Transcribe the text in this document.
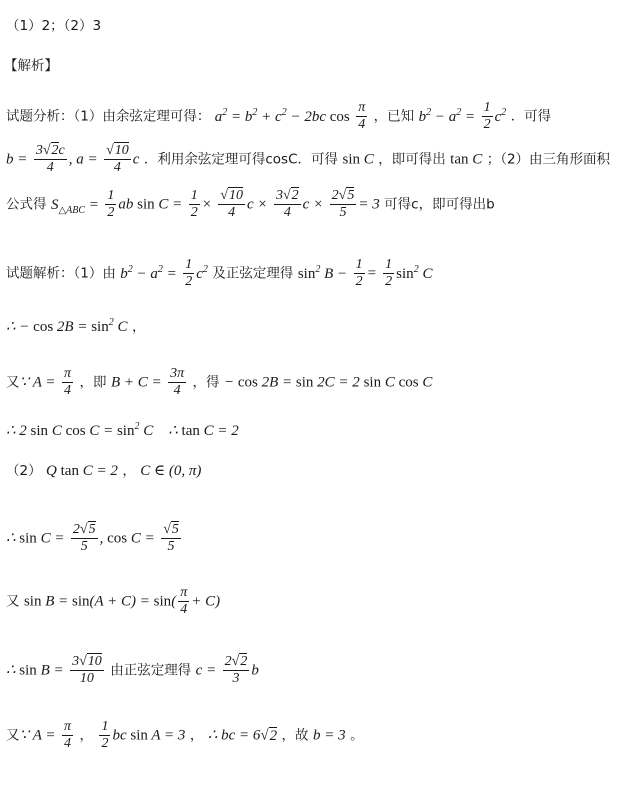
（1）2；（2）3
【解析】
试题分析：（1）由余弦定理可得： $a^2 = b^2 + c^2 - 2bc$ $\cos \frac{\pi}{4}$ ，已知 $b^2 - a^2 = \frac{1}{2} c^2$ ．可得
$b = \frac{3√2c}{4}$ , $a = \frac{√10}{4}$ c ．利用余弦定理可得cosC．可得 sin C ，即可得出 tan C ；（2）由三角形面积
公式得 $S_{\triangle ABC} = \frac{1}{2}$ ab $\sin C = \frac{1}{2} \times \frac{√10}{4}$ $c \times \frac{3√2}{4}$ $c \times \frac{2√5}{5} = 3$ 可得c，即可得出b
试题解析：（1）由 $b^2 - a^2 = \frac{1}{2} c^2$ 及正弦定理得 $\sin^2 B - \frac{1}{2} = \frac{1}{2} \sin^2 C$
∴ − $\cos 2B = \sin^2 C$ ，
又∵ $A = \frac{\pi}{4}$ ，即 $B + C = \frac{3\pi}{4}$ ，得 − cos 2B = sin 2C = 2 sin C cos C
∴ 2 sin C $\cos C = \sin^2 C$    ∴ tan C = 2
（2） Q tan C = 2 ， C ∈ (0, π)
∴ $\sin C = \frac{2√5}{5}$ , $\cos C = \frac{√5}{5}$
又 $\sin B = \sin(A + C) = \sin( \frac{\pi}{4} + C)$
∴ $\sin B = \frac{3√10}{10}$ 由正弦定理得 $c = \frac{2√2}{3}$ b
又∵ $A = \frac{\pi}{4}$ ， $\frac{1}{2}$ bc sin A = 3 ， ∴ bc = 6√2 ，故 b = 3 。
